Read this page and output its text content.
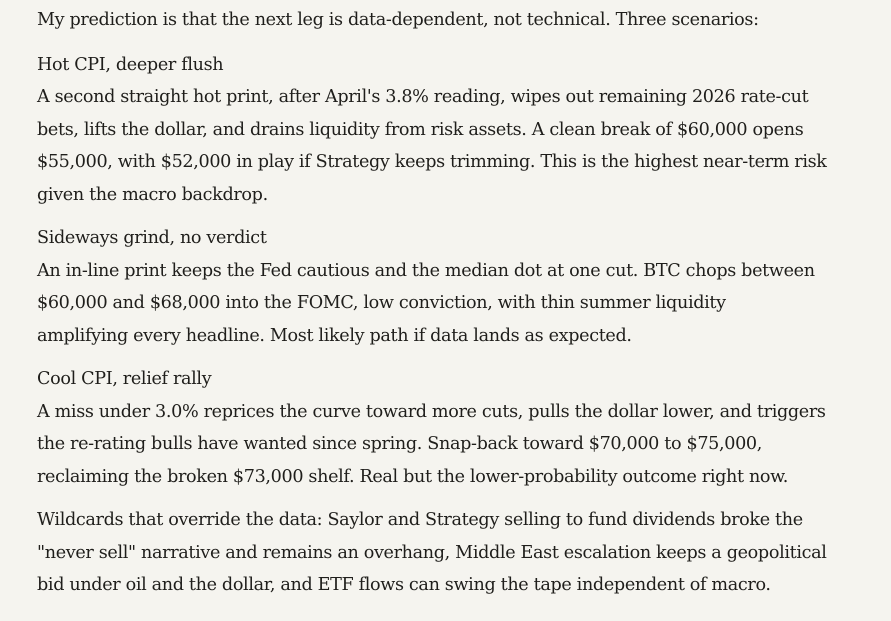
My prediction is that the next leg is data-dependent, not technical. Three scenarios:

Hot CPI, deeper flush

A second straight hot print, after April's 3.8% reading, wipes out remaining 2026 rate-cut
bets, lifts the dollar, and drains liquidity from risk assets. A clean break of $60,000 opens
$55,000, with $52,000 in play if Strategy keeps trimming. This is the highest near-term risk
given the macro backdrop.

Sideways grind, no verdict

An in-line print keeps the Fed cautious and the median dot at one cut. BTC chops between
$60,000 and $68,000 into the FOMC, low conviction, with thin summer liquidity
amplifying every headline. Most likely path if data lands as expected.

Cool CPI, relief rally

A miss under 3.0% reprices the curve toward more cuts, pulls the dollar lower, and triggers
the re-rating bulls have wanted since spring. Snap-back toward $70,000 to $75,000,
reclaiming the broken $73,000 shelf. Real but the lower-probability outcome right now.

Wildcards that override the data: Saylor and Strategy selling to fund dividends broke the
"never sell" narrative and remains an overhang, Middle East escalation keeps a geopolitical
bid under oil and the dollar, and ETF flows can swing the tape independent of macro.
